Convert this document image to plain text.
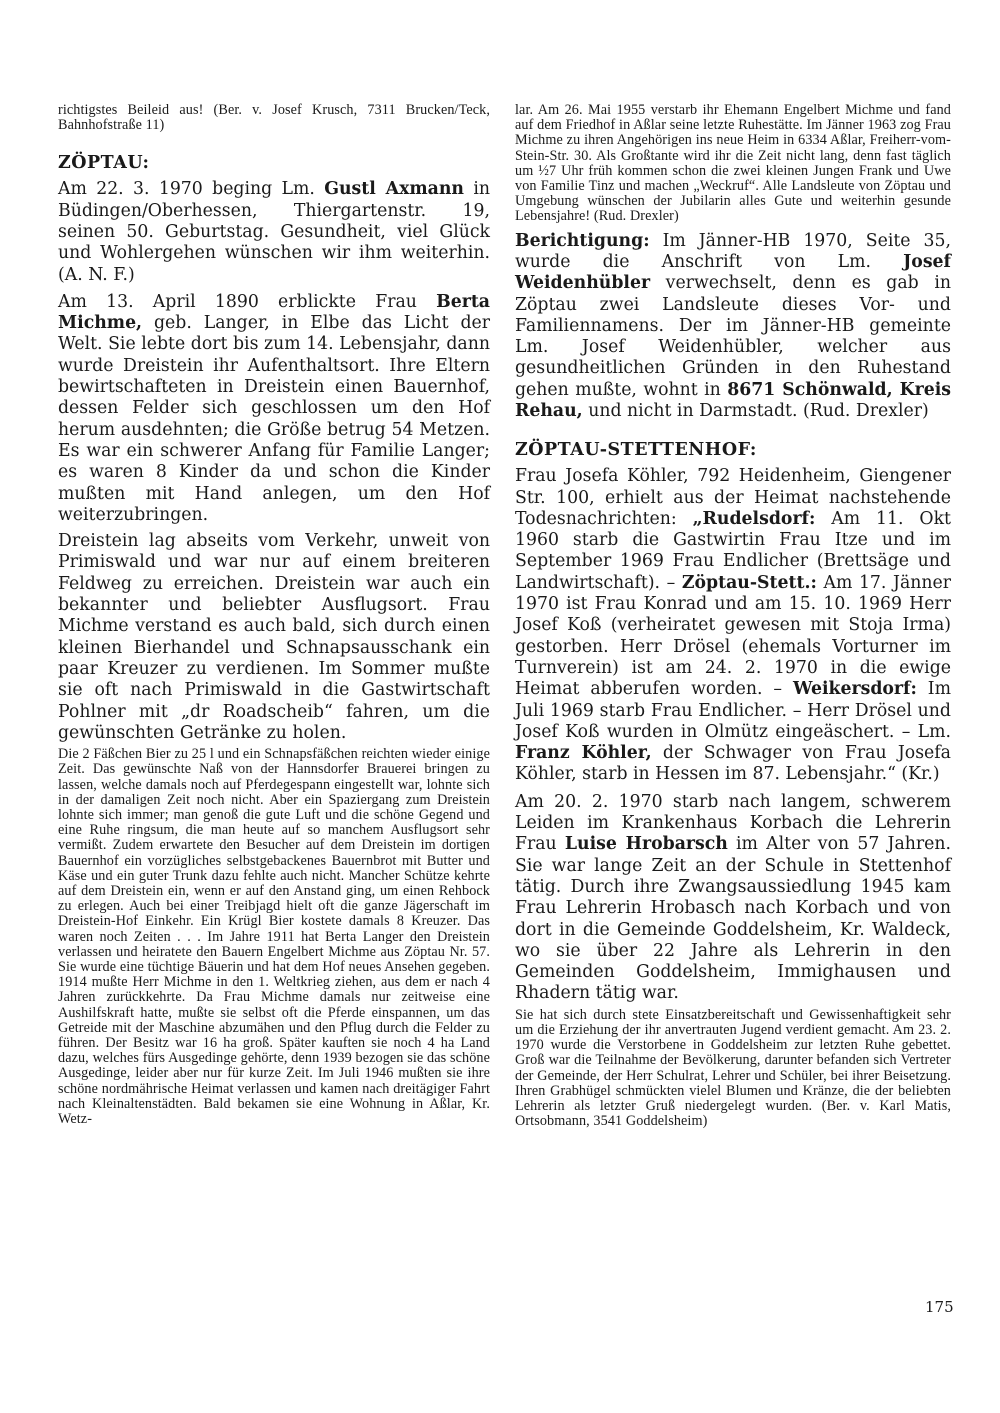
richtigstes Beileid aus! (Ber. v. Josef Krusch, 7311 Brucken/Teck, Bahnhofstraße 11)

ZÖPTAU:

Am 22. 3. 1970 beging Lm. Gustl Axmann in Büdingen/Oberhessen, Thiergartenstr. 19, seinen 50. Geburtstag. Gesundheit, viel Glück und Wohlergehen wünschen wir ihm weiterhin. (A. N. F.)

Am 13. April 1890 erblickte Frau Berta Michme, geb. Langer, in Elbe das Licht der Welt. Sie lebte dort bis zum 14. Lebensjahr, dann wurde Dreistein ihr Aufenthaltsort. Ihre Eltern bewirtschafteten in Dreistein einen Bauernhof, dessen Felder sich geschlossen um den Hof herum ausdehnten; die Größe betrug 54 Metzen. Es war ein schwerer Anfang für Familie Langer; es waren 8 Kinder da und schon die Kinder mußten mit Hand anlegen, um den Hof weiterzubringen.

Dreistein lag abseits vom Verkehr, unweit von Primiswald und war nur auf einem breiteren Feldweg zu erreichen. Dreistein war auch ein bekannter und beliebter Ausflugsort. Frau Michme verstand es auch bald, sich durch einen kleinen Bierhandel und Schnapsausschank ein paar Kreuzer zu verdienen. Im Sommer mußte sie oft nach Primiswald in die Gastwirtschaft Pohlner mit „dr Roadscheib“ fahren, um die gewünschten Getränke zu holen.

Die 2 Fäßchen Bier zu 25 l und ein Schnapsfäßchen reichten wieder einige Zeit. Das gewünschte Naß von der Hannsdorfer Brauerei bringen zu lassen, welche damals noch auf Pferdegespann eingestellt war, lohnte sich in der damaligen Zeit noch nicht. Aber ein Spaziergang zum Dreistein lohnte sich immer; man genoß die gute Luft und die schöne Gegend und eine Ruhe ringsum, die man heute auf so manchem Ausflugsort sehr vermißt. Zudem erwartete den Besucher auf dem Dreistein im dortigen Bauernhof ein vorzügliches selbstgebackenes Bauernbrot mit Butter und Käse und ein guter Trunk dazu fehlte auch nicht. Mancher Schütze kehrte auf dem Dreistein ein, wenn er auf den Anstand ging, um einen Rehbock zu erlegen. Auch bei einer Treibjagd hielt oft die ganze Jägerschaft im Dreistein-Hof Einkehr. Ein Krügl Bier kostete damals 8 Kreuzer. Das waren noch Zeiten . . . Im Jahre 1911 hat Berta Langer den Dreistein verlassen und heiratete den Bauern Engelbert Michme aus Zöptau Nr. 57. Sie wurde eine tüchtige Bäuerin und hat dem Hof neues Ansehen gegeben. 1914 mußte Herr Michme in den 1. Weltkrieg ziehen, aus dem er nach 4 Jahren zurückkehrte. Da Frau Michme damals nur zeitweise eine Aushilfskraft hatte, mußte sie selbst oft die Pferde einspannen, um das Getreide mit der Maschine abzumähen und den Pflug durch die Felder zu führen. Der Besitz war 16 ha groß. Später kauften sie noch 4 ha Land dazu, welches fürs Ausgedinge gehörte, denn 1939 bezogen sie das schöne Ausgedinge, leider aber nur für kurze Zeit. Im Juli 1946 mußten sie ihre schöne nordmährische Heimat verlassen und kamen nach dreitägiger Fahrt nach Kleinaltenstädten. Bald bekamen sie eine Wohnung in Aßlar, Kr. Wetz-

lar. Am 26. Mai 1955 verstarb ihr Ehemann Engelbert Michme und fand auf dem Friedhof in Aßlar seine letzte Ruhestätte. Im Jänner 1963 zog Frau Michme zu ihren Angehörigen ins neue Heim in 6334 Aßlar, Freiherr-vom-Stein-Str. 30. Als Großtante wird ihr die Zeit nicht lang, denn fast täglich um ½7 Uhr früh kommen schon die zwei kleinen Jungen Frank und Uwe von Familie Tinz und machen „Weckruf“. Alle Landsleute von Zöptau und Umgebung wünschen der Jubilarin alles Gute und weiterhin gesunde Lebensjahre! (Rud. Drexler)

Berichtigung: Im Jänner-HB 1970, Seite 35, wurde die Anschrift von Lm. Josef Weidenhübler verwechselt, denn es gab in Zöptau zwei Landsleute dieses Vor- und Familiennamens. Der im Jänner-HB gemeinte Lm. Josef Weidenhübler, welcher aus gesundheitlichen Gründen in den Ruhestand gehen mußte, wohnt in 8671 Schönwald, Kreis Rehau, und nicht in Darmstadt. (Rud. Drexler)

ZÖPTAU-STETTENHOF:

Frau Josefa Köhler, 792 Heidenheim, Giengener Str. 100, erhielt aus der Heimat nachstehende Todesnachrichten: „Rudelsdorf: Am 11. Okt 1960 starb die Gastwirtin Frau Itze und im September 1969 Frau Endlicher (Brettsäge und Landwirtschaft). – Zöptau-Stett.: Am 17. Jänner 1970 ist Frau Konrad und am 15. 10. 1969 Herr Josef Koß (verheiratet gewesen mit Stoja Irma) gestorben. Herr Drösel (ehemals Vorturner im Turnverein) ist am 24. 2. 1970 in die ewige Heimat abberufen worden. – Weikersdorf: Im Juli 1969 starb Frau Endlicher. – Herr Drösel und Josef Koß wurden in Olmütz eingeäschert. – Lm. Franz Köhler, der Schwager von Frau Josefa Köhler, starb in Hessen im 87. Lebensjahr.“ (Kr.)

Am 20. 2. 1970 starb nach langem, schwerem Leiden im Krankenhaus Korbach die Lehrerin Frau Luise Hrobarsch im Alter von 57 Jahren. Sie war lange Zeit an der Schule in Stettenhof tätig. Durch ihre Zwangsaussiedlung 1945 kam Frau Lehrerin Hrobasch nach Korbach und von dort in die Gemeinde Goddelsheim, Kr. Waldeck, wo sie über 22 Jahre als Lehrerin in den Gemeinden Goddelsheim, Immighausen und Rhadern tätig war.

Sie hat sich durch stete Einsatzbereitschaft und Gewissenhaftigkeit sehr um die Erziehung der ihr anvertrauten Jugend verdient gemacht. Am 23. 2. 1970 wurde die Verstorbene in Goddelsheim zur letzten Ruhe gebettet. Groß war die Teilnahme der Bevölkerung, darunter befanden sich Vertreter der Gemeinde, der Herr Schulrat, Lehrer und Schüler, bei ihrer Beisetzung. Ihren Grabhügel schmückten vielel Blumen und Kränze, die der beliebten Lehrerin als letzter Gruß niedergelegt wurden. (Ber. v. Karl Matis, Ortsobmann, 3541 Goddelsheim)

175
